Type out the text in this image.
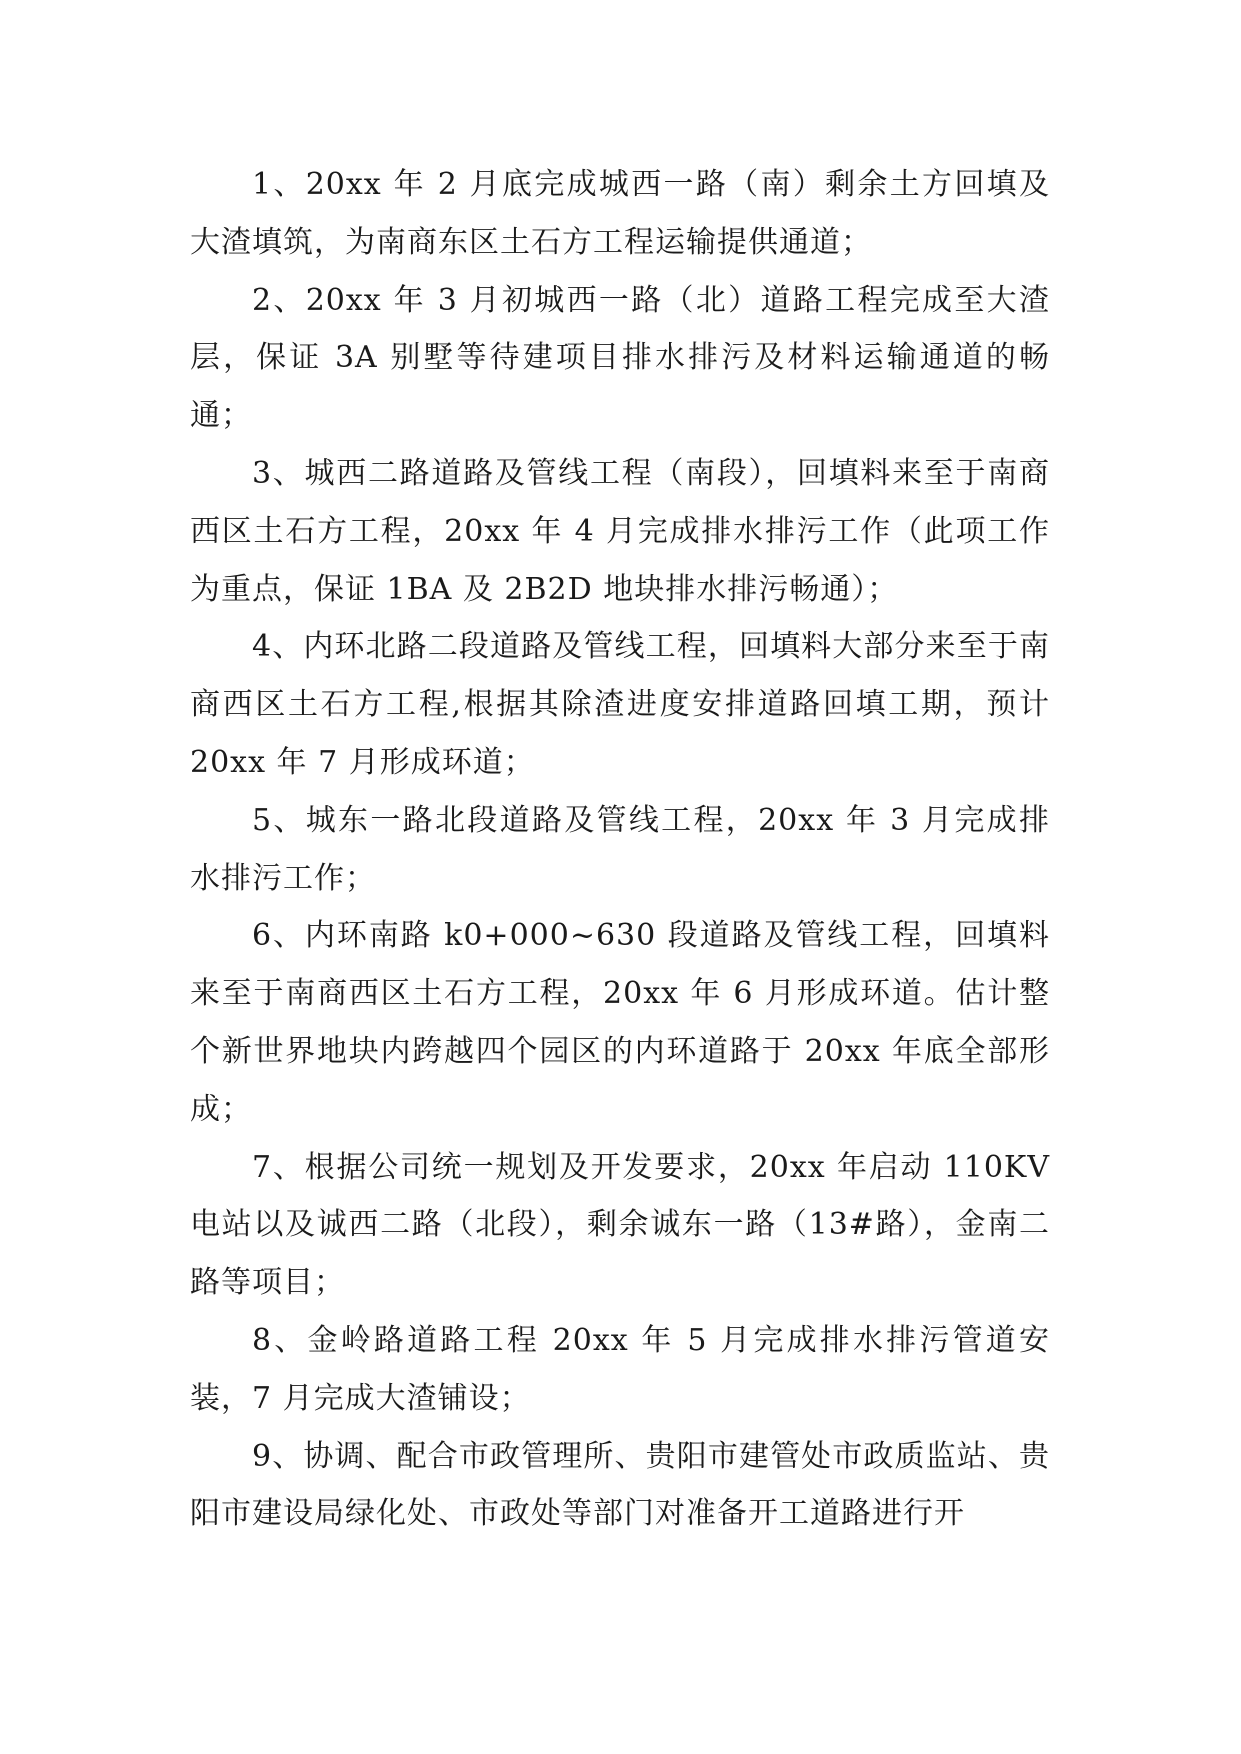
1、20xx 年 2 月底完成城西一路（南）剩余土方回填及大渣填筑，为南商东区土石方工程运输提供通道；

2、20xx 年 3 月初城西一路（北）道路工程完成至大渣层，保证 3A 别墅等待建项目排水排污及材料运输通道的畅通；

3、城西二路道路及管线工程（南段），回填料来至于南商西区土石方工程，20xx 年 4 月完成排水排污工作（此项工作为重点，保证 1BA 及 2B2D 地块排水排污畅通）；

4、内环北路二段道路及管线工程，回填料大部分来至于南商西区土石方工程,根据其除渣进度安排道路回填工期，预计 20xx 年 7 月形成环道；

5、城东一路北段道路及管线工程，20xx 年 3 月完成排水排污工作；

6、内环南路 k0+000~630 段道路及管线工程，回填料来至于南商西区土石方工程，20xx 年 6 月形成环道。估计整个新世界地块内跨越四个园区的内环道路于 20xx 年底全部形成；

7、根据公司统一规划及开发要求，20xx 年启动 110KV 电站以及诚西二路（北段），剩余诚东一路（13#路），金南二路等项目；

8、金岭路道路工程 20xx 年 5 月完成排水排污管道安装，7 月完成大渣铺设；

9、协调、配合市政管理所、贵阳市建管处市政质监站、贵阳市建设局绿化处、市政处等部门对准备开工道路进行开
